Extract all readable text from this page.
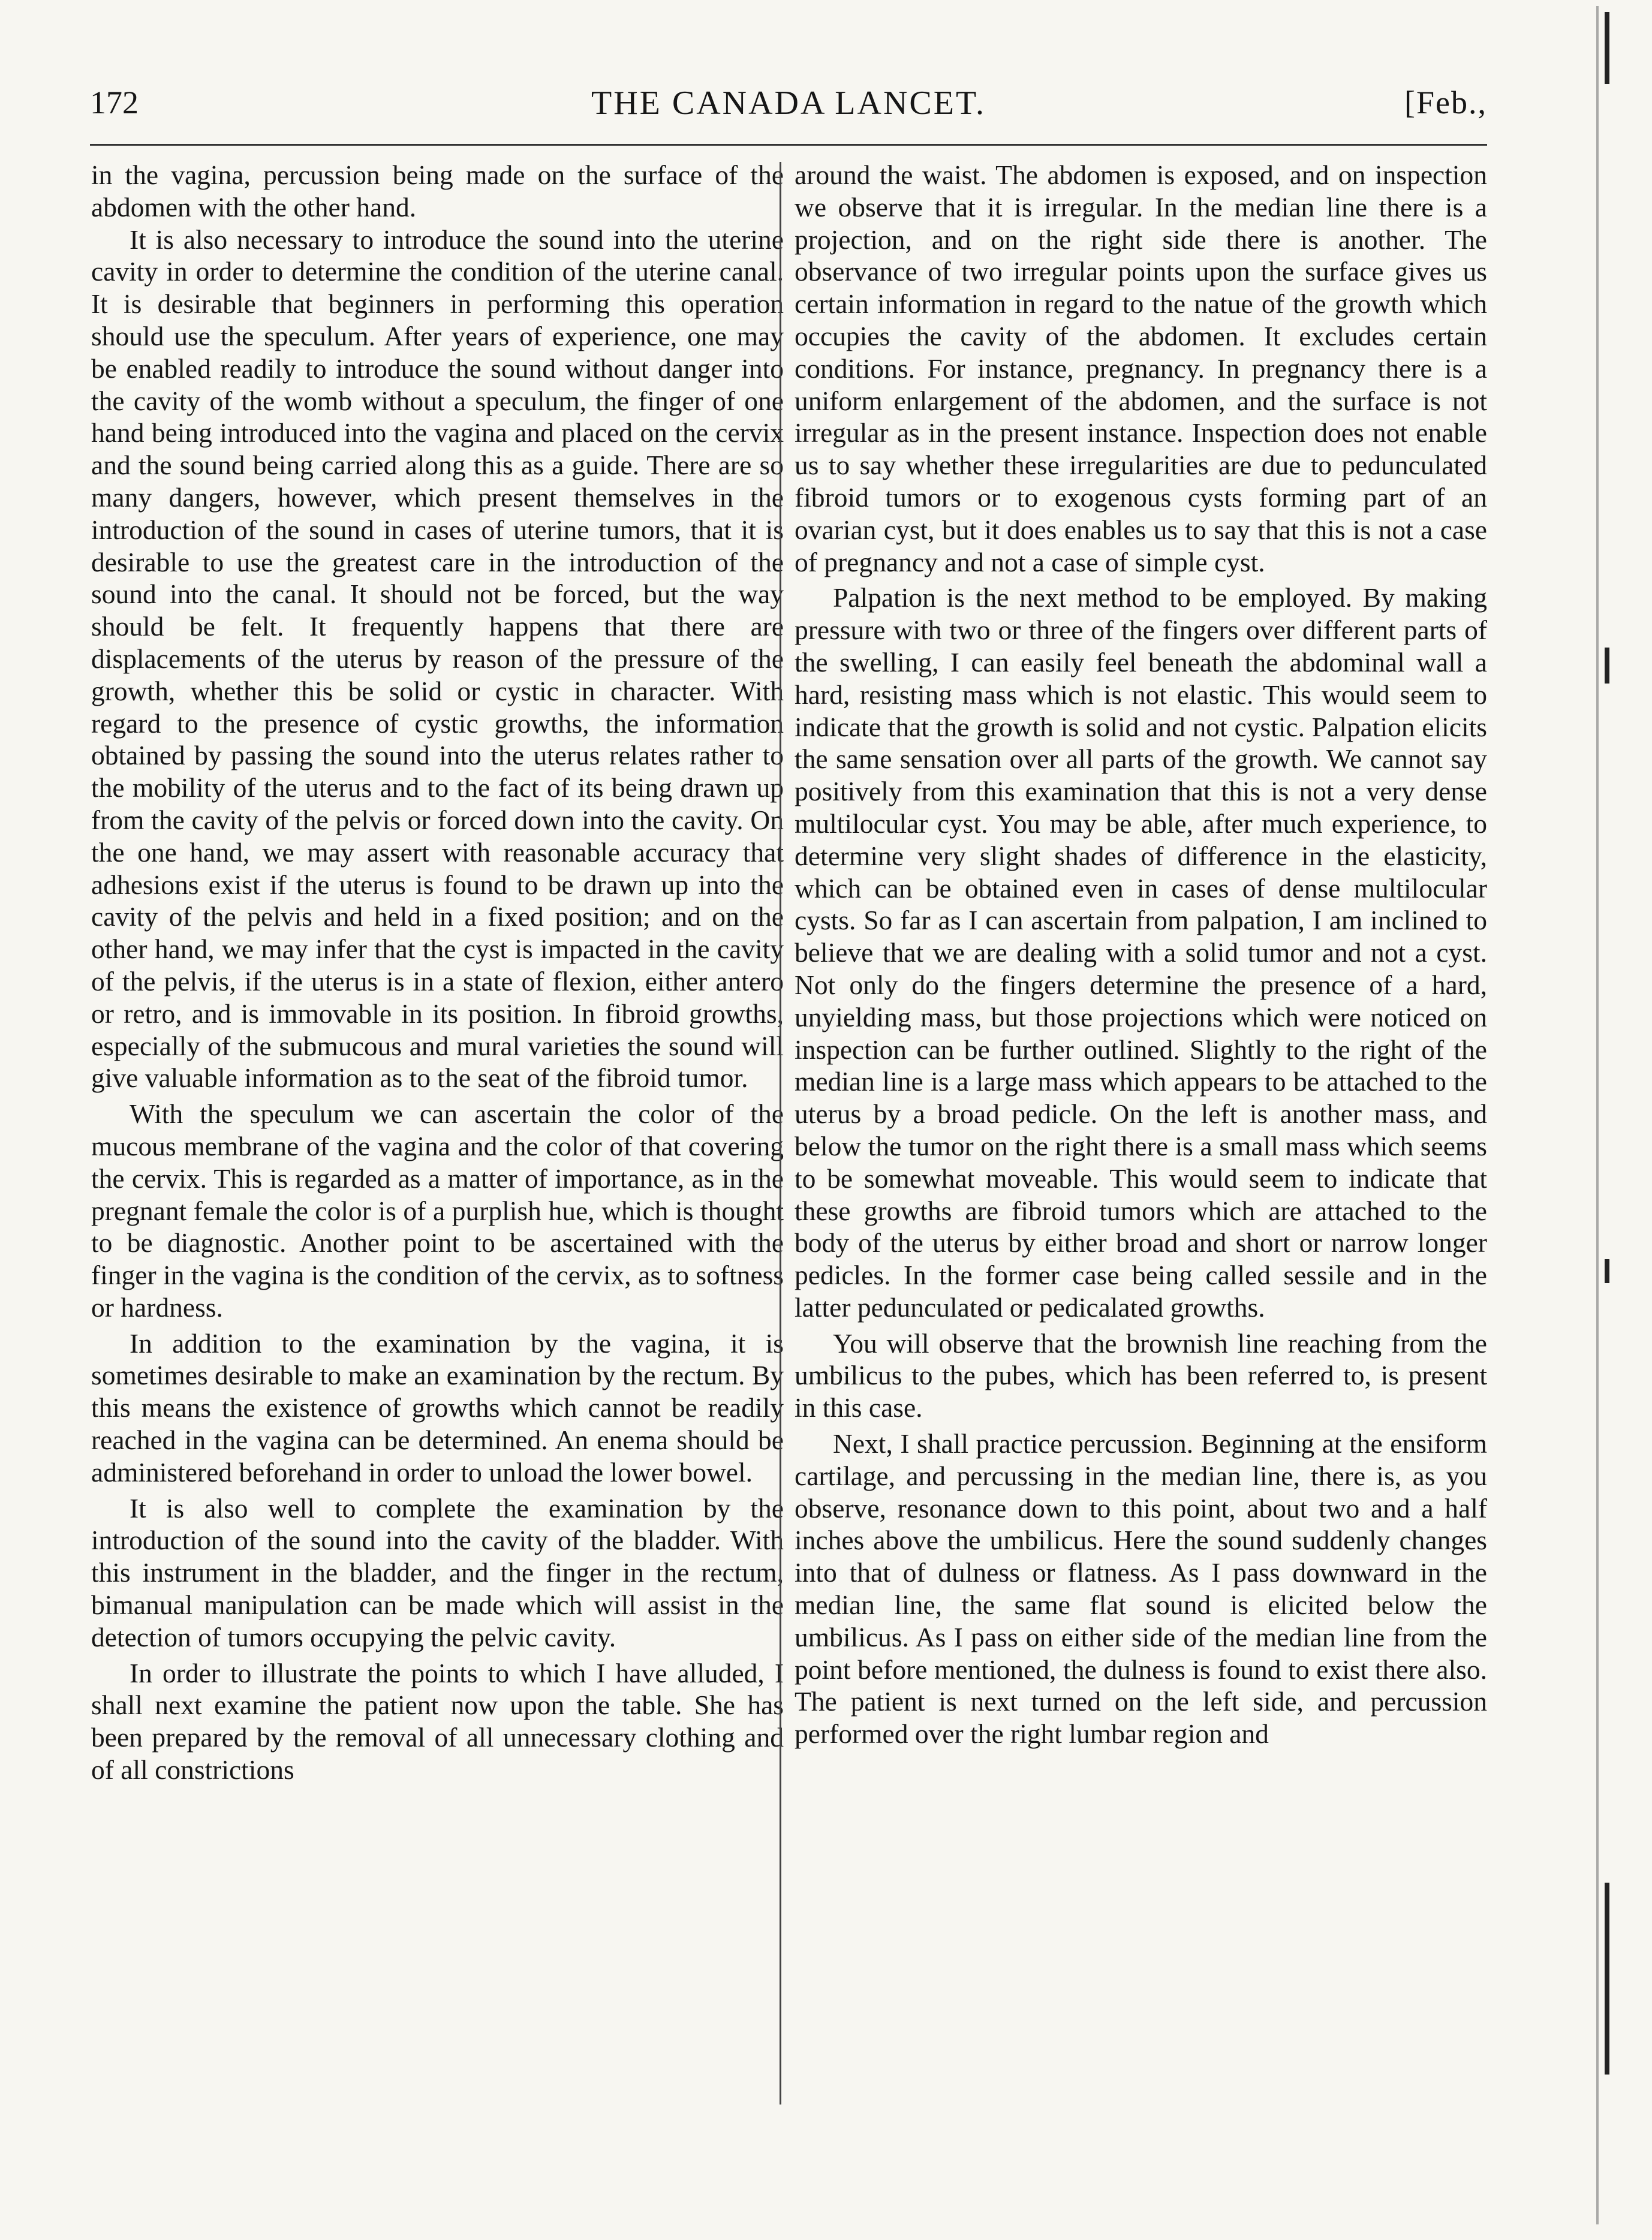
172	THE CANADA LANCET.	[Feb.,

in the vagina, percussion being made on the surface of the abdomen with the other hand.

It is also necessary to introduce the sound into the uterine cavity in order to determine the condition of the uterine canal. It is desirable that beginners in performing this operation should use the speculum. After years of experience, one may be enabled readily to introduce the sound without danger into the cavity of the womb without a speculum, the finger of one hand being introduced into the vagina and placed on the cervix and the sound being carried along this as a guide. There are so many dangers, however, which present themselves in the introduction of the sound in cases of uterine tumors, that it is desirable to use the greatest care in the introduction of the sound into the canal. It should not be forced, but the way should be felt. It frequently happens that there are displacements of the uterus by reason of the pressure of the growth, whether this be solid or cystic in character. With regard to the presence of cystic growths, the information obtained by passing the sound into the uterus relates rather to the mobility of the uterus and to the fact of its being drawn up from the cavity of the pelvis or forced down into the cavity. On the one hand, we may assert with reasonable accuracy that adhesions exist if the uterus is found to be drawn up into the cavity of the pelvis and held in a fixed position; and on the other hand, we may infer that the cyst is impacted in the cavity of the pelvis, if the uterus is in a state of flexion, either antero or retro, and is immovable in its position. In fibroid growths, especially of the submucous and mural varieties the sound will give valuable information as to the seat of the fibroid tumor.

With the speculum we can ascertain the color of the mucous membrane of the vagina and the color of that covering the cervix. This is regarded as a matter of importance, as in the pregnant female the color is of a purplish hue, which is thought to be diagnostic. Another point to be ascertained with the finger in the vagina is the condition of the cervix, as to softness or hardness.

In addition to the examination by the vagina, it is sometimes desirable to make an examination by the rectum. By this means the existence of growths which cannot be readily reached in the vagina can be determined. An enema should be administered beforehand in order to unload the lower bowel.

It is also well to complete the examination by the introduction of the sound into the cavity of the bladder. With this instrument in the bladder, and the finger in the rectum, bimanual manipulation can be made which will assist in the detection of tumors occupying the pelvic cavity.

In order to illustrate the points to which I have alluded, I shall next examine the patient now upon the table. She has been prepared by the removal of all unnecessary clothing and of all constrictions

around the waist. The abdomen is exposed, and on inspection we observe that it is irregular. In the median line there is a projection, and on the right side there is another. The observance of two irregular points upon the surface gives us certain information in regard to the natue of the growth which occupies the cavity of the abdomen. It excludes certain conditions. For instance, pregnancy. In pregnancy there is a uniform enlargement of the abdomen, and the surface is not irregular as in the present instance. Inspection does not enable us to say whether these irregularities are due to pedunculated fibroid tumors or to exogenous cysts forming part of an ovarian cyst, but it does enables us to say that this is not a case of pregnancy and not a case of simple cyst.

Palpation is the next method to be employed. By making pressure with two or three of the fingers over different parts of the swelling, I can easily feel beneath the abdominal wall a hard, resisting mass which is not elastic. This would seem to indicate that the growth is solid and not cystic. Palpation elicits the same sensation over all parts of the growth. We cannot say positively from this examination that this is not a very dense multilocular cyst. You may be able, after much experience, to determine very slight shades of difference in the elasticity, which can be obtained even in cases of dense multilocular cysts. So far as I can ascertain from palpation, I am inclined to believe that we are dealing with a solid tumor and not a cyst. Not only do the fingers determine the presence of a hard, unyielding mass, but those projections which were noticed on inspection can be further outlined. Slightly to the right of the median line is a large mass which appears to be attached to the uterus by a broad pedicle. On the left is another mass, and below the tumor on the right there is a small mass which seems to be somewhat moveable. This would seem to indicate that these growths are fibroid tumors which are attached to the body of the uterus by either broad and short or narrow longer pedicles. In the former case being called sessile and in the latter pedunculated or pedicalated growths.

You will observe that the brownish line reaching from the umbilicus to the pubes, which has been referred to, is present in this case.

Next, I shall practice percussion. Beginning at the ensiform cartilage, and percussing in the median line, there is, as you observe, resonance down to this point, about two and a half inches above the umbilicus. Here the sound suddenly changes into that of dulness or flatness. As I pass downward in the median line, the same flat sound is elicited below the umbilicus. As I pass on either side of the median line from the point before mentioned, the dulness is found to exist there also. The patient is next turned on the left side, and percussion performed over the right lumbar region and
